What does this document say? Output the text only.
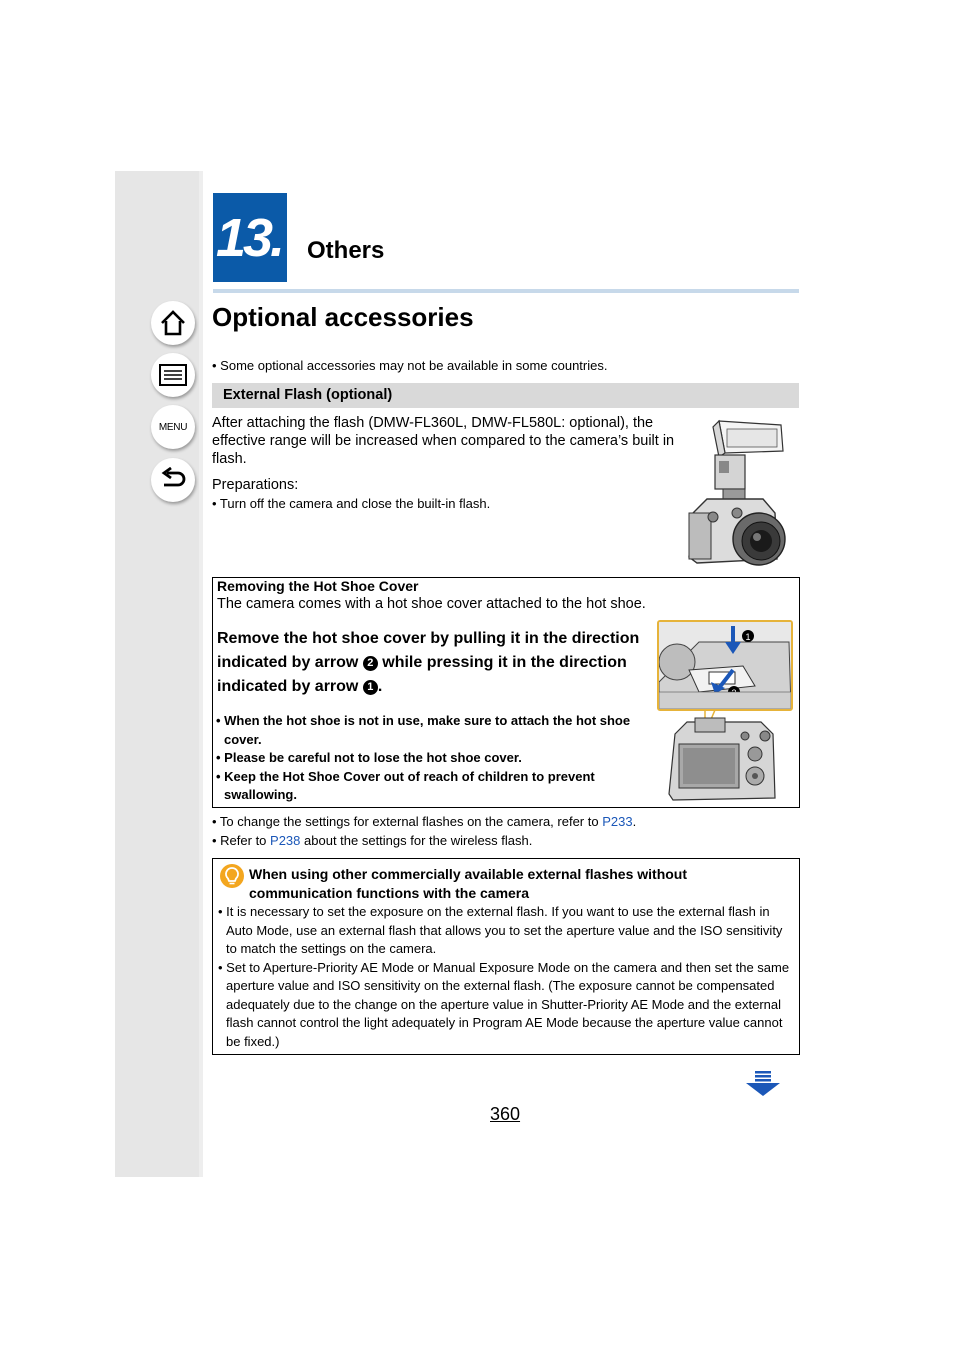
MENU
13. Others
Optional accessories
• Some optional accessories may not be available in some countries.
External Flash (optional)
After attaching the flash (DMW-FL360L, DMW-FL580L: optional), the effective range will be increased when compared to the camera’s built in flash.
Preparations:
• Turn off the camera and close the built-in flash.
Removing the Hot Shoe Cover
The camera comes with a hot shoe cover attached to the hot shoe.
Remove the hot shoe cover by pulling it in the direction indicated by arrow 2 while pressing it in the direction indicated by arrow 1 .
• When the hot shoe is not in use, make sure to attach the hot shoe cover.
• Please be careful not to lose the hot shoe cover.
• Keep the Hot Shoe Cover out of reach of children to prevent swallowing.
1
• To change the settings for external flashes on the camera, refer to P233.
• Refer to P238 about the settings for the wireless flash.
When using other commercially available external flashes without communication functions with the camera
• It is necessary to set the exposure on the external flash. If you want to use the external flash in Auto Mode, use an external flash that allows you to set the aperture value and the ISO sensitivity to match the settings on the camera.
• Set to Aperture-Priority AE Mode or Manual Exposure Mode on the camera and then set the same aperture value and ISO sensitivity on the external flash. (The exposure cannot be compensated adequately due to the change on the aperture value in Shutter-Priority AE Mode and the external flash cannot control the light adequately in Program AE Mode because the aperture value cannot be fixed.)
360
